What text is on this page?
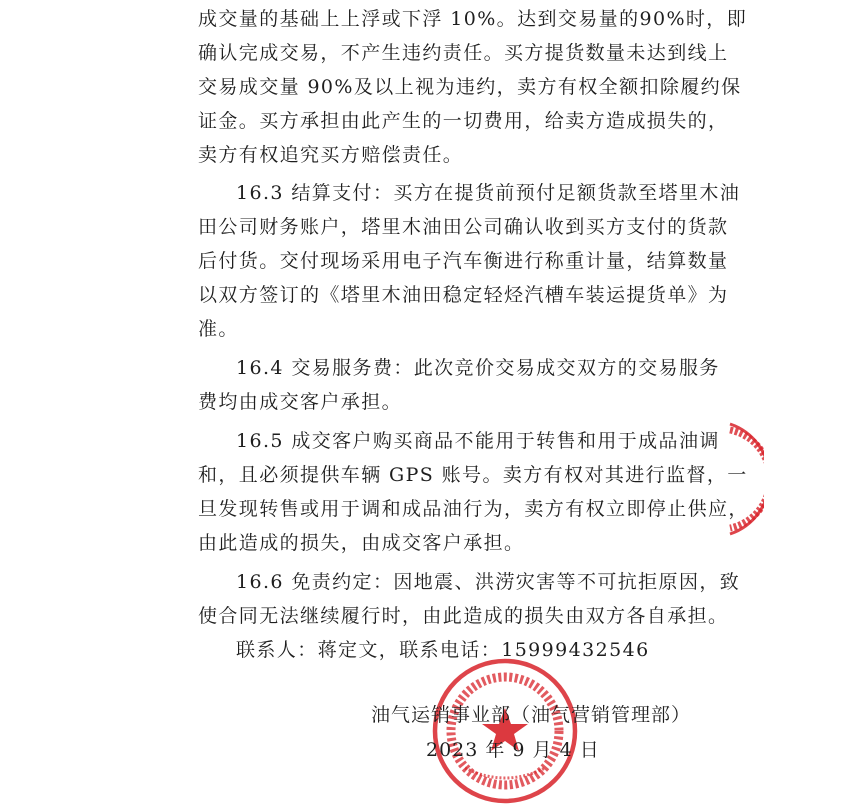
成交量的基础上上浮或下浮 10%。达到交易量的90%时，即
确认完成交易，不产生违约责任。买方提货数量未达到线上
交易成交量 90%及以上视为违约，卖方有权全额扣除履约保
证金。买方承担由此产生的一切费用，给卖方造成损失的，
卖方有权追究买方赔偿责任。
16.3 结算支付：买方在提货前预付足额货款至塔里木油
田公司财务账户，塔里木油田公司确认收到买方支付的货款
后付货。交付现场采用电子汽车衡进行称重计量，结算数量
以双方签订的《塔里木油田稳定轻烃汽槽车装运提货单》为
准。
16.4 交易服务费：此次竞价交易成交双方的交易服务
费均由成交客户承担。
16.5 成交客户购买商品不能用于转售和用于成品油调
和，且必须提供车辆 GPS 账号。卖方有权对其进行监督，一
旦发现转售或用于调和成品油行为，卖方有权立即停止供应，
由此造成的损失，由成交客户承担。
16.6 免责约定：因地震、洪涝灾害等不可抗拒原因，致
使合同无法继续履行时，由此造成的损失由双方各自承担。
联系人：蒋定文，联系电话：15999432546
油气运销事业部（油气营销管理部）
2023 年 9 月 4 日
